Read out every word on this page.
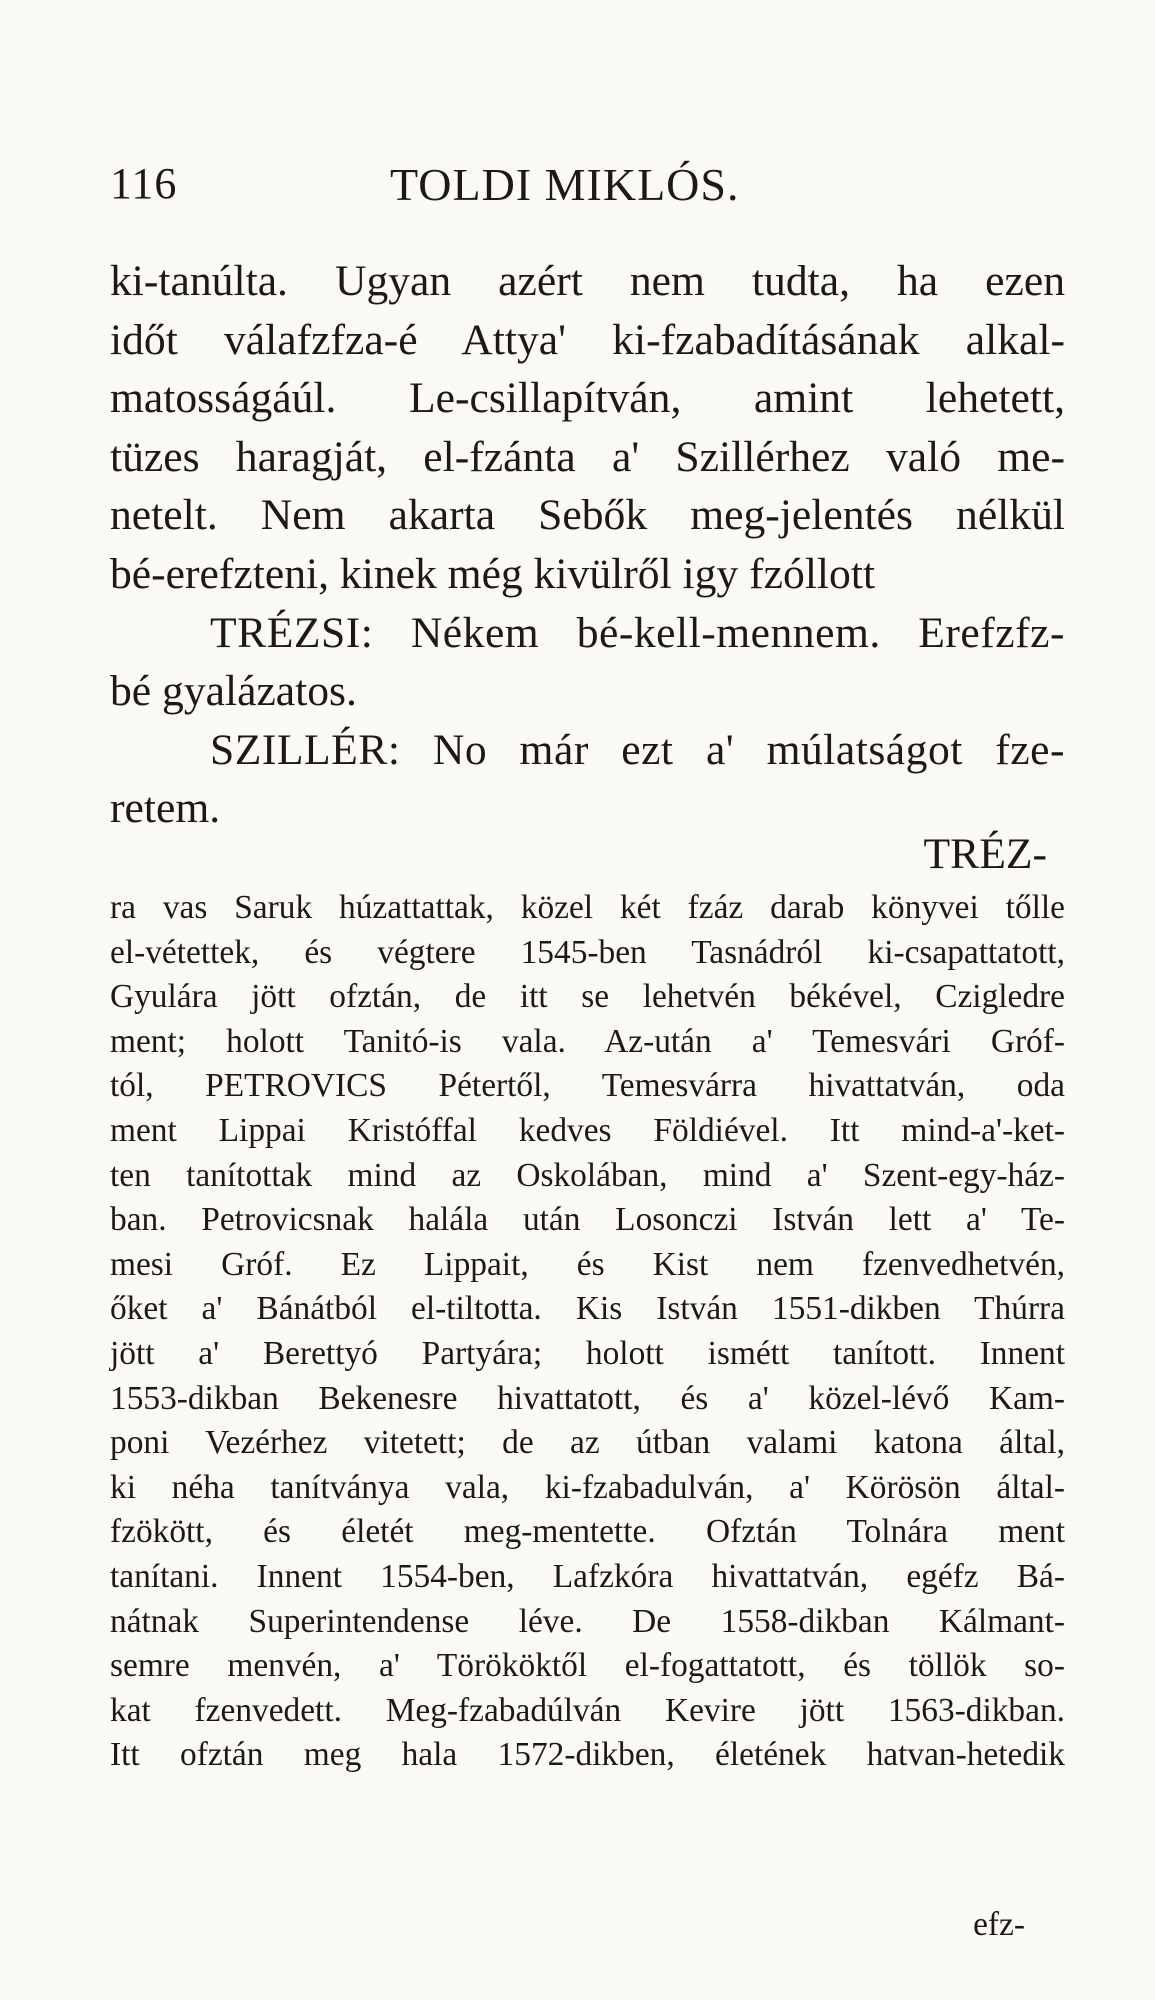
116	TOLDI MIKLÓS.
ki-tanúlta. Ugyan azért nem tudta, ha ezen
időt válafzfza-é Attya' ki-fzabadításának alkal-
matosságáúl. Le-csillapítván, amint lehetett,
tüzes haragját, el-fzánta a' Szillérhez való me-
netelt. Nem akarta Sebők meg-jelentés nélkül
bé-erefzteni, kinek még kivülről igy fzóllott
TRÉZSI: Nékem bé-kell-mennem. Erefzfz-
bé gyalázatos.
SZILLÉR: No már ezt a' múlatságot fze-
retem.
TRÉZ-
ra vas Saruk húzattattak, közel két fzáz darab könyvei tőlle
el-vétettek, és végtere 1545-ben Tasnádról ki-csapattatott,
Gyulára jött ofztán, de itt se lehetvén békével, Czigledre
ment; holott Tanitó-is vala. Az-után a' Temesvári Gróf-
tól, PETROVICS Pétertől, Temesvárra hivattatván, oda
ment Lippai Kristóffal kedves Földiével. Itt mind-a'-ket-
ten tanítottak mind az Oskolában, mind a' Szent-egy-ház-
ban. Petrovicsnak halála után Losonczi István lett a' Te-
mesi Gróf. Ez Lippait, és Kist nem fzenvedhetvén,
őket a' Bánátból el-tiltotta. Kis István 1551-dikben Thúrra
jött a' Berettyó Partyára; holott ismétt tanított. Innent
1553-dikban Bekenesre hivattatott, és a' közel-lévő Kam-
poni Vezérhez vitetett; de az útban valami katona által,
ki néha tanítványa vala, ki-fzabadulván, a' Körösön által-
fzökött, és életét meg-mentette. Ofztán Tolnára ment
tanítani. Innent 1554-ben, Lafzkóra hivattatván, egéfz Bá-
nátnak Superintendense léve. De 1558-dikban Kálmant-
semre menvén, a' Törököktől el-fogattatott, és töllök so-
kat fzenvedett. Meg-fzabadúlván Kevire jött 1563-dikban.
Itt ofztán meg hala 1572-dikben, életének hatvan-hetedik
efz-
